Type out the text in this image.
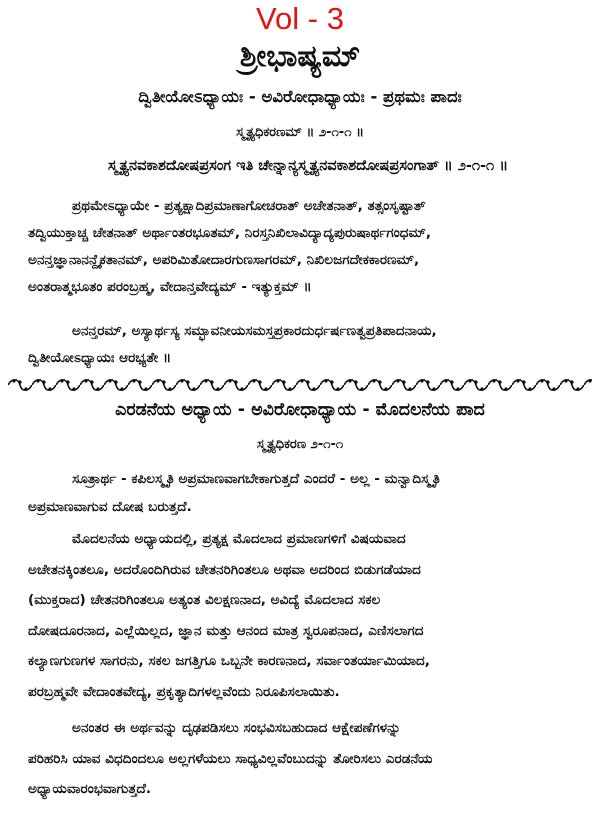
Vol - 3
ಶ್ರೀಭಾಷ್ಯಮ್
ದ್ವಿತೀಯೋಽಧ್ಯಾಯಃ - ಅವಿರೋಧಾಧ್ಯಾಯಃ - ಪ್ರಥಮಃ ಪಾದಃ
ಸ್ಮೃತ್ಯಧಿಕರಣಮ್ ॥ ೨-೧-೧ ॥
ಸ್ಮೃತ್ಯನವಕಾಶದೋಷಪ್ರಸಂಗ ಇತಿ ಚೇನ್ನಾನ್ಯಸ್ಮೃತ್ಯನವಕಾಶದೋಷಪ್ರಸಂಗಾತ್ ॥ ೨-೧-೧ ॥

ಪ್ರಥಮೇಽಧ್ಯಾಯೇ - ಪ್ರತ್ಯಕ್ಷಾದಿಪ್ರಮಾಣಾಗೋಚರಾತ್ ಅಚೇತನಾತ್, ತತ್ಸಂಸೃಷ್ಟಾತ್
ತದ್ವಿಯುಕ್ತಾಚ್ಚ ಚೇತನಾತ್ ಅರ್ಥಾಂತರಭೂತಮ್, ನಿರಸ್ತನಿಖಿಲಾವಿದ್ಯಾದ್ಯಪುರುಷಾರ್ಥಗಂಧಮ್,
ಅನನ್ತಜ್ಞಾನಾನನ್ದೈಕತಾನಮ್, ಅಪರಿಮಿತೋದಾರಗುಣಸಾಗರಮ್, ನಿಖಿಲಜಗದೇಕಕಾರಣಮ್,
ಅಂತರಾತ್ಮಭೂತಂ ಪರಂಬ್ರಹ್ಮ, ವೇದಾನ್ತವೇದ್ಯಮ್ - ಇತ್ಯುಕ್ತಮ್ ॥

ಅನನ್ತರಮ್, ಅಸ್ಯಾರ್ಥಸ್ಯ ಸಮ್ಭಾವನೀಯಸಮಸ್ತಪ್ರಕಾರದುರ್ಧರ್ಷಣತ್ವಪ್ರತಿಪಾದನಾಯ,
ದ್ವಿತೀಯೋಽಧ್ಯಾಯಃ ಆರಭ್ಯತೇ ॥

ಎರಡನೆಯ ಅಧ್ಯಾಯ - ಅವಿರೋಧಾಧ್ಯಾಯ - ಮೊದಲನೆಯ ಪಾದ
ಸ್ಮೃತ್ಯಧಿಕರಣ ೨-೧-೧

ಸೂತ್ರಾರ್ಥ - ಕಪಿಲಸ್ಮೃತಿ ಅಪ್ರಮಾಣವಾಗಬೇಕಾಗುತ್ತದೆ ಎಂದರೆ - ಅಲ್ಲ - ಮನ್ವಾದಿಸ್ಮೃತಿ
ಅಪ್ರಮಾಣವಾಗುವ ದೋಷ ಬರುತ್ತದೆ.

ಮೊದಲನೆಯ ಅಧ್ಯಾಯದಲ್ಲಿ, ಪ್ರತ್ಯಕ್ಷ ಮೊದಲಾದ ಪ್ರಮಾಣಗಳಿಗೆ ವಿಷಯವಾದ
ಅಚೇತನಕ್ಕಿಂತಲೂ, ಅದರೊಂದಿಗಿರುವ ಚೇತನರಿಗಿಂತಲೂ ಅಥವಾ ಅದರಿಂದ ಬಿಡುಗಡೆಯಾದ
(ಮುಕ್ತರಾದ) ಚೇತನರಿಗಿಂತಲೂ ಅತ್ಯಂತ ವಿಲಕ್ಷಣನಾದ, ಅವಿದ್ಯೆ ಮೊದಲಾದ ಸಕಲ
ದೋಷದೂರನಾದ, ಎಲ್ಲೆಯಿಲ್ಲದ, ಜ್ಞಾನ ಮತ್ತು ಆನಂದ ಮಾತ್ರ ಸ್ವರೂಪನಾದ, ಎಣಿಸಲಾಗದ
ಕಲ್ಯಾಣಗುಣಗಳ ಸಾಗರನು, ಸಕಲ ಜಗತ್ತಿಗೂ ಒಬ್ಬನೇ ಕಾರಣನಾದ, ಸರ್ವಾಂತರ್ಯಾಮಿಯಾದ,
ಪರಬ್ರಹ್ಮವೇ ವೇದಾಂತವೇದ್ಯ, ಪ್ರಕೃತ್ಯಾದಿಗಳಲ್ಲವೆಂದು ನಿರೂಪಿಸಲಾಯಿತು.

ಅನಂತರ ಈ ಅರ್ಥವನ್ನು ದೃಢಪಡಿಸಲು ಸಂಭವಿಸಬಹುದಾದ ಆಕ್ಷೇಪಣೆಗಳನ್ನು
ಪರಿಹರಿಸಿ ಯಾವ ವಿಧದಿಂದಲೂ ಅಲ್ಲಗಳೆಯಲು ಸಾಧ್ಯವಿಲ್ಲವೆಂಬುದನ್ನು ತೋರಿಸಲು ಎರಡನೆಯ
ಅಧ್ಯಾಯವಾರಂಭವಾಗುತ್ತದೆ.
